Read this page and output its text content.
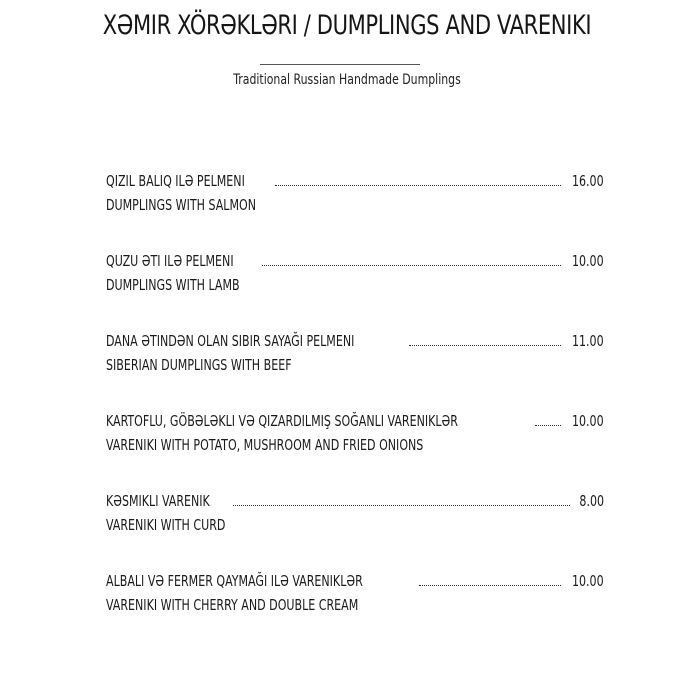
XƏMIR XÖRƏKLƏRI / DUMPLINGS AND VARENIKI
Traditional Russian Handmade Dumplings
QIZIL BALIQ ILƏ PELMENI	16.00
DUMPLINGS WITH SALMON
QUZU ƏTI ILƏ PELMENI	10.00
DUMPLINGS WITH LAMB
DANA ƏTINDƏN OLAN SIBIR SAYAĞI PELMENI	11.00
SIBERIAN DUMPLINGS WITH BEEF
KARTOFLU, GÖBƏLƏKLI VƏ QIZARDILMIŞ SOĞANLI VARENIKLƏR	10.00
VARENIKI WITH POTATO, MUSHROOM AND FRIED ONIONS
KƏSMIKLI VARENIK	8.00
VARENIKI WITH CURD
ALBALI VƏ FERMER QAYMAĞI ILƏ VARENIKLƏR	10.00
VARENIKI WITH CHERRY AND DOUBLE CREAM
